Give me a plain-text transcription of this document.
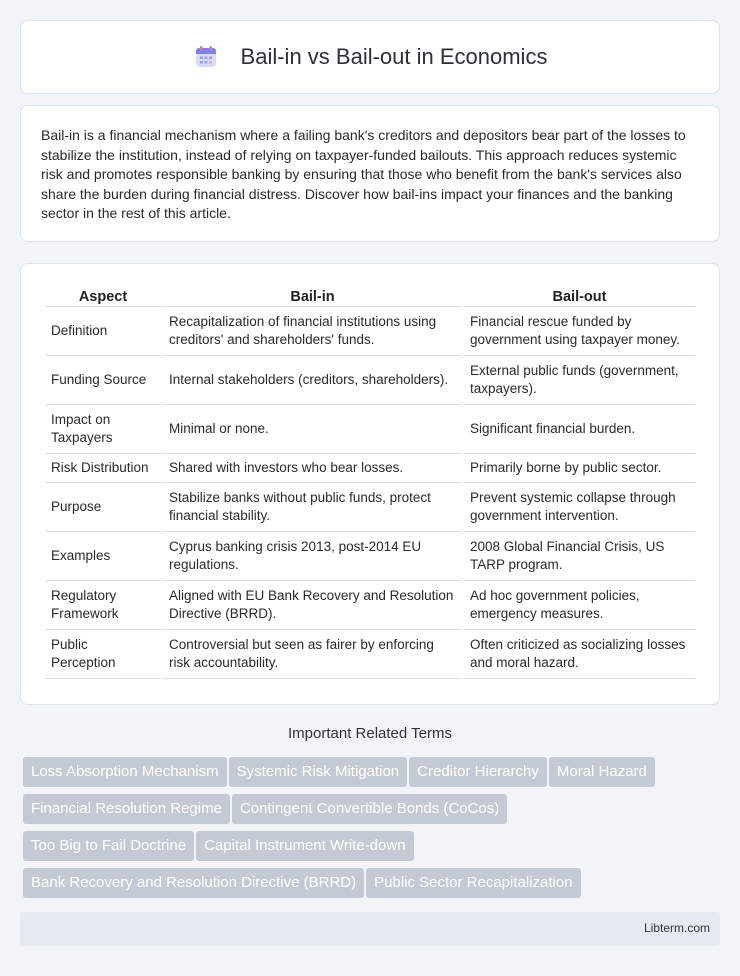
Bail-in vs Bail-out in Economics

Bail-in is a financial mechanism where a failing bank's creditors and depositors bear part of the losses to stabilize the institution, instead of relying on taxpayer-funded bailouts. This approach reduces systemic risk and promotes responsible banking by ensuring that those who benefit from the bank's services also share the burden during financial distress. Discover how bail-ins impact your finances and the banking sector in the rest of this article.

Aspect	Bail-in	Bail-out
Definition	Recapitalization of financial institutions using creditors' and shareholders' funds.	Financial rescue funded by government using taxpayer money.
Funding Source	Internal stakeholders (creditors, shareholders).	External public funds (government, taxpayers).
Impact on Taxpayers	Minimal or none.	Significant financial burden.
Risk Distribution	Shared with investors who bear losses.	Primarily borne by public sector.
Purpose	Stabilize banks without public funds, protect financial stability.	Prevent systemic collapse through government intervention.
Examples	Cyprus banking crisis 2013, post-2014 EU regulations.	2008 Global Financial Crisis, US TARP program.
Regulatory Framework	Aligned with EU Bank Recovery and Resolution Directive (BRRD).	Ad hoc government policies, emergency measures.
Public Perception	Controversial but seen as fairer by enforcing risk accountability.	Often criticized as socializing losses and moral hazard.
Important Related Terms
Loss Absorption Mechanism Systemic Risk Mitigation Creditor Hierarchy Moral Hazard
Financial Resolution Regime Contingent Convertible Bonds (CoCos)
Too Big to Fail Doctrine Capital Instrument Write-down
Bank Recovery and Resolution Directive (BRRD) Public Sector Recapitalization
Libterm.com
